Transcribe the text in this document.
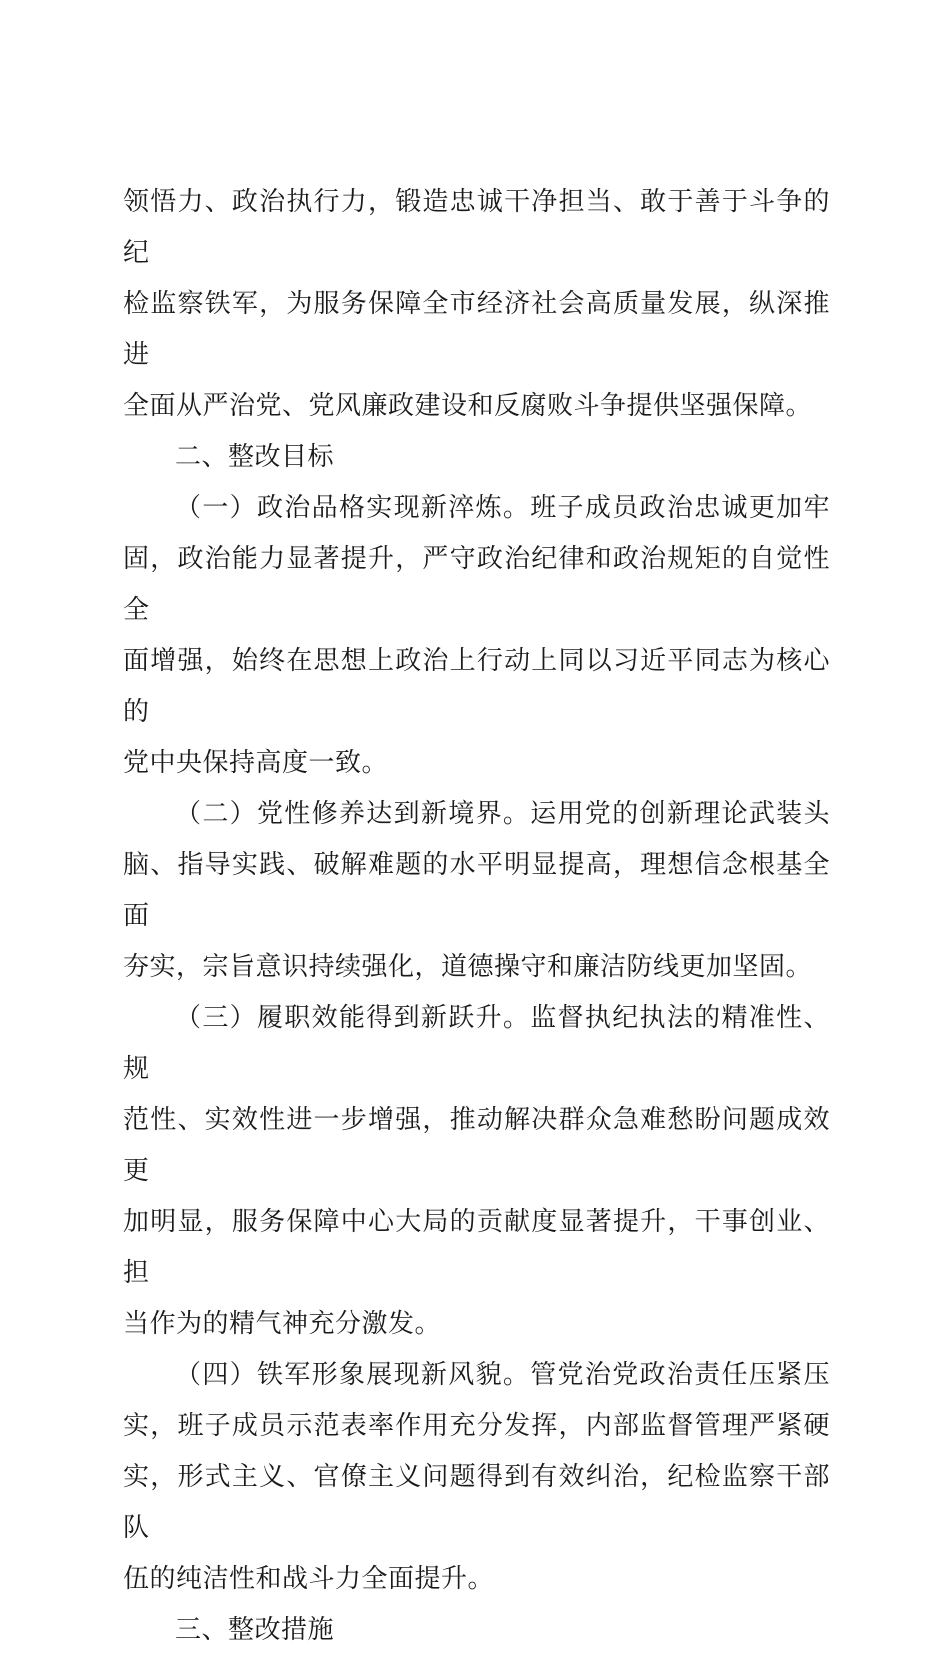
领悟力、政治执行力，锻造忠诚干净担当、敢于善于斗争的纪
检监察铁军，为服务保障全市经济社会高质量发展，纵深推进
全面从严治党、党风廉政建设和反腐败斗争提供坚强保障。
二、整改目标
（一）政治品格实现新淬炼。班子成员政治忠诚更加牢
固，政治能力显著提升，严守政治纪律和政治规矩的自觉性全
面增强，始终在思想上政治上行动上同以习近平同志为核心的
党中央保持高度一致。
（二）党性修养达到新境界。运用党的创新理论武装头
脑、指导实践、破解难题的水平明显提高，理想信念根基全面
夯实，宗旨意识持续强化，道德操守和廉洁防线更加坚固。
（三）履职效能得到新跃升。监督执纪执法的精准性、规
范性、实效性进一步增强，推动解决群众急难愁盼问题成效更
加明显，服务保障中心大局的贡献度显著提升，干事创业、担
当作为的精气神充分激发。
（四）铁军形象展现新风貌。管党治党政治责任压紧压
实，班子成员示范表率作用充分发挥，内部监督管理严紧硬
实，形式主义、官僚主义问题得到有效纠治，纪检监察干部队
伍的纯洁性和战斗力全面提升。
三、整改措施
